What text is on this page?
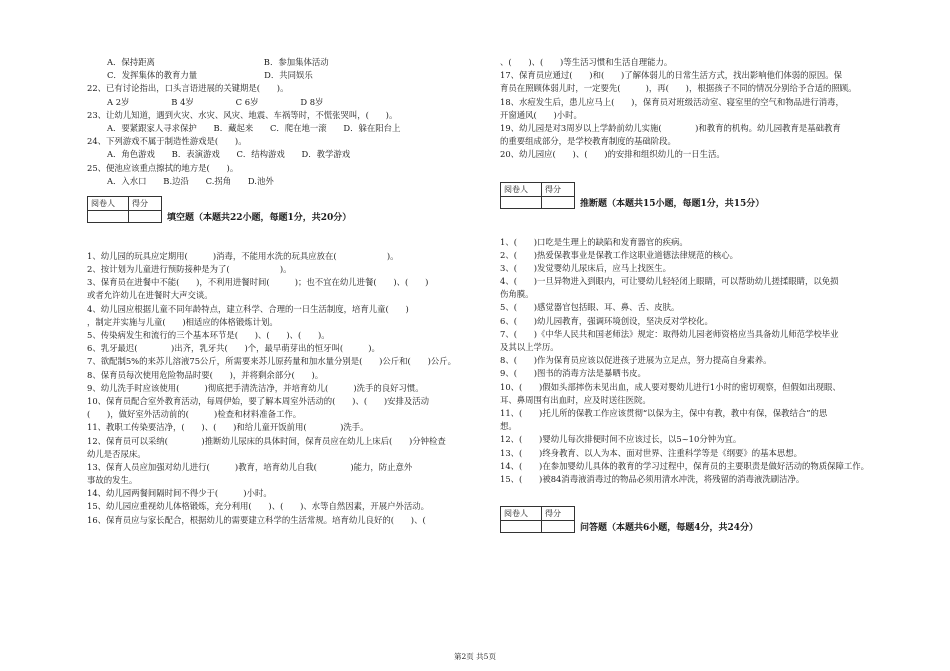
A．保持距离　　　　　　　　　　　　　B．参加集体活动
C．发挥集体的教育力量　　　　　　　　D．共同娱乐
22、已有讨论指出，口头言语进展的关键期是(　　)。
A 2岁　　　　　B 4岁　　　　　C 6岁　　　　　D 8岁
23、让幼儿知道，遇到火灾、水灾、风灾、地震、车祸等时，不慌张哭叫，(　　)。
A．要紧跟家人寻求保护　　B．藏起来　　C．爬在地一滚　　D．躲在阳台上
24、下列游戏不属于制造性游戏是(　　)。
A．角色游戏　　B．表演游戏　　C．结构游戏　　D．教学游戏
25、便池应该重点擦拭的地方是(　　)。
A．入水口　　B.边沿　　C.拐角　　D.池外
阅卷人	得分

填空题（本题共22小题，每题1分，共20分）
1、幼儿园的玩具应定期用(　　　)消毒，不能用水洗的玩具应放在(　　　　　　)。
2、按计划为儿童进行预防接种是为了(　　　　　　)。
3、保育员在进餐中不能(　　)，不利用进餐时间(　　　)；也不宜在幼儿进餐(　　)、(　　)
或者允许幼儿在进餐时大声交谈。
4、幼儿园应根据儿童不同年龄特点，建立科学、合理的一日生活制度，培育儿童(　　)
，制定并实施与儿童(　　)相适应的体格锻炼计划。
5、传染病发生和流行的三个基本环节是(　　)、(　　)、(　　)。
6、乳牙最迟(　　　　)出齐，乳牙共(　　)个，最早萌芽出的恒牙叫(　　　)。
7、欲配制5%的来苏儿溶液75公斤，所需要来苏儿原药量和加水量分别是(　　)公斤和(　　)公斤。
8、保育员每次使用危险物品时要(　　)，并将剩余部分(　　)。
9、幼儿洗手时应该使用(　　　)彻底把手清洗洁净，并培育幼儿(　　　)洗手的良好习惯。
10、保育员配合室外教育活动，每周伊始，要了解本周室外活动的(　　)、(　　)安排及活动
(　　)，做好室外活动前的(　　　)检查和材料准备工作。
11、教职工传染要洁净，(　　)、(　　)和给儿童开饭前用(　　　　)洗手。
12、保育员可以采纳(　　　　)推断幼儿尿床的具体时间，保育员应在幼儿上床后(　　)分钟检查
幼儿是否尿床。
13、保育人员应加强对幼儿进行(　　　)教育，培育幼儿自我(　　　　)能力，防止意外
事故的发生。
14、幼儿园两餐间隔时间不得少于(　　　)小时。
15、幼儿园应重视幼儿体格锻炼，充分利用(　　)、(　　)、水等自然因素，开展户外活动。
16、保育员应与家长配合，根据幼儿的需要建立科学的生活常规。培育幼儿良好的(　　)、(
、(　　)、(　　)等生活习惯和生活自理能力。
17、保育员应通过(　　)和(　　)了解体弱儿的日常生活方式，找出影响他们体弱的原因。保
育员在照顾体弱儿时，一定要先(　　　)，再(　　)，根据孩子不同的情况分别给予合适的照顾。
18、水痘发生后，患儿应马上(　　)，保育员对班级活动室、寝室里的空气和物品进行消毒，
开窗通风(　　)小时。
19、幼儿园是对3周岁以上学龄前幼儿实施(　　　　)和教育的机构。幼儿园教育是基础教育
的重要组成部分，是学校教育制度的基础阶段。
20、幼儿园应(　　)、(　　)的安排和组织幼儿的一日生活。
阅卷人	得分

推断题（本题共15小题，每题1分，共15分）
1、(　　)口吃是生理上的缺陷和发育器官的疾病。
2、(　　)热爱保教事业是保教工作这职业道德法律规范的核心。
3、(　　)发觉婴幼儿尿床后，应马上找医生。
4、(　　)一旦异物进入到眼内，可让婴幼儿轻轻闭上眼睛，可以帮助幼儿搓揉眼睛，以免损
伤角膜。
5、(　　)感觉器官包括眼、耳、鼻、舌、皮肤。
6、(　　)幼儿园教育，强调环境创设，坚决反对学校化。
7、(　　)《中华人民共和国老师法》规定：取得幼儿园老师资格应当具备幼儿师范学校毕业
及其以上学历。
8、(　　)作为保育员应该以促进孩子进展为立足点，努力提高自身素养。
9、(　　)图书的消毒方法是暴晒书皮。
10、(　　)假如头部摔伤未见出血，成人要对婴幼儿进行1小时的密切观察，但假如出现眼、
耳、鼻周围有出血时，应及时送往医院。
11、(　　)托儿所的保教工作应该贯彻“以保为主，保中有教，教中有保，保教结合”的思
想。
12、(　　)婴幼儿每次排便时间不应该过长，以5~10分钟为宜。
13、(　　)终身教育、以人为本、面对世界、注重科学等是《纲要》的基本思想。
14、(　　)在参加婴幼儿具体的教育的学习过程中，保育员的主要职责是做好活动的物质保障工作。
15、(　　)被84消毒液消毒过的物品必须用清水冲洗，将残留的消毒液洗刷洁净。
阅卷人	得分

问答题（本题共6小题，每题4分，共24分）
第2页 共5页
